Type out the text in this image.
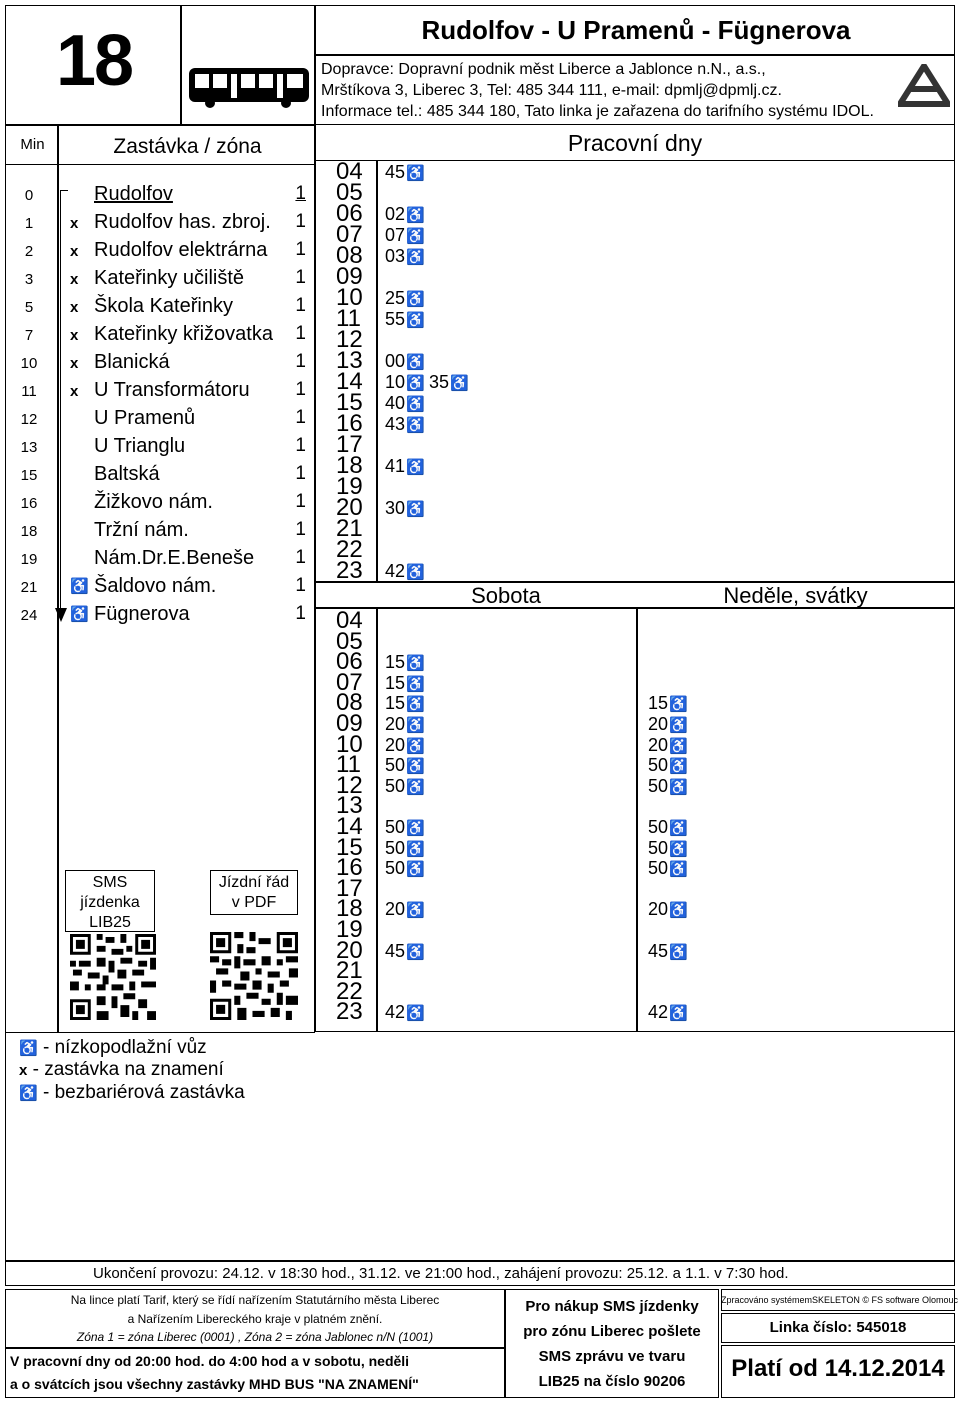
18	Rudolfov - U Pramenů - Fügnerova
Dopravce: Dopravní podnik měst Liberce a Jablonce n.N., a.s.,
Mrštíkova 3, Liberec 3, Tel: 485 344 111, e-mail: dpmlj@dpmlj.cz.
Informace tel.: 485 344 180, Tato linka je zařazena do tarifního systému IDOL.
Min	Zastávka / zóna
0	Rudolfov	1
1	x Rudolfov has. zbroj.	1
2	x Rudolfov elektrárna	1
3	x Kateřinky učiliště	1
5	x Škola Kateřinky	1
7	x Kateřinky křižovatka	1
10	x Blanická	1
11	x U Transformátoru	1
12	U Pramenů	1
13	U Trianglu	1
15	Baltská	1
16	Žižkovo nám.	1
18	Tržní nám.	1
19	Nám.Dr.E.Beneše	1
21	♿ Šaldovo nám.	1
24	♿ Fügnerova	1
SMS
jízdenka
LIB25
Jízdní řád
v PDF
♿ - nízkopodlažní vůz
x - zastávka na znamení
♿ - bezbariérová zastávka
Pracovní dny
04	45♿
05
06	02♿
07	07♿
08	03♿
09
10	25♿
11	55♿
12
13	00♿
14	10♿ 35♿
15	40♿
16	43♿
17
18	41♿
19
20	30♿
21
22
23	42♿
Sobota	Neděle, svátky
04
05
06	15♿
07	15♿
08	15♿	15♿
09	20♿	20♿
10	20♿	20♿
11	50♿	50♿
12	50♿	50♿
13
14	50♿	50♿
15	50♿	50♿
16	50♿	50♿
17
18	20♿	20♿
19
20	45♿	45♿
21
22
23	42♿	42♿
Ukončení provozu: 24.12. v 18:30 hod., 31.12. ve 21:00 hod., zahájení provozu: 25.12. a 1.1. v 7:30 hod.
Na lince platí Tarif, který se řídí nařízením Statutárního města Liberec
a Nařízením Libereckého kraje v platném znění.
Zóna 1 = zóna Liberec (0001) , Zóna 2 = zóna Jablonec n/N (1001)
V pracovní dny od 20:00 hod. do 4:00 hod a v sobotu, neděli
a o svátcích jsou všechny zastávky MHD BUS "NA ZNAMENÍ"
Pro nákup SMS jízdenky
pro zónu Liberec pošlete
SMS zprávu ve tvaru
LIB25 na číslo 90206
Zpracováno systémemSKELETON © FS software Olomouc
Linka číslo: 545018
Platí od 14.12.2014
